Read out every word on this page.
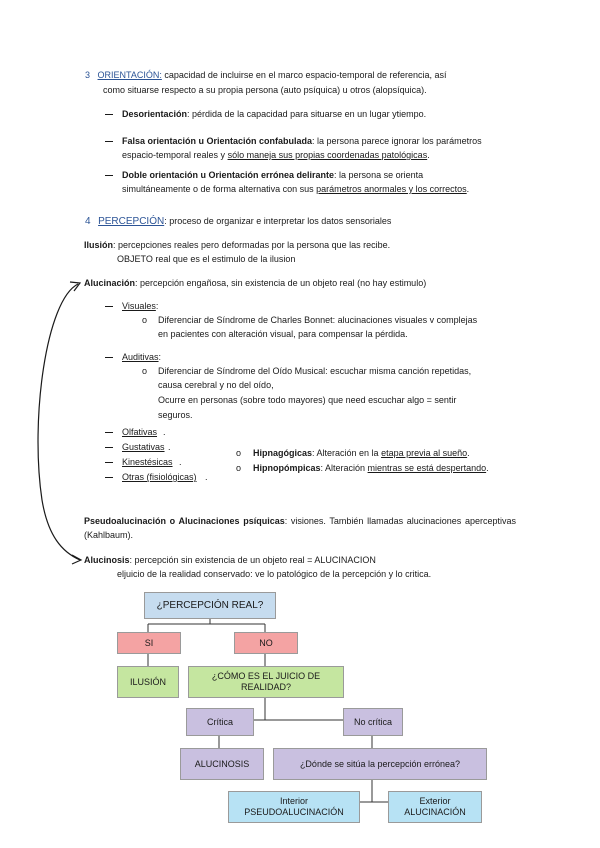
3 ORIENTACIÓN: capacidad de incluirse en el marco espacio-temporal de referencia, así
como situarse respecto a su propia persona (auto psíquica) u otros (alopsíquica).
Desorientación: pérdida de la capacidad para situarse en un lugar ytiempo.
Falsa orientación u Orientación confabulada: la persona parece ignorar los parámetros
espacio-temporal reales y sólo maneja sus propias coordenadas patológicas.
Doble orientación u Orientación errónea delirante: la persona se orienta
simultáneamente o de forma alternativa con sus parámetros anormales y los correctos.
4 PERCEPCIÓN: proceso de organizar e interpretar los datos sensoriales
Ilusión: percepciones reales pero deformadas por la persona que las recibe.
OBJETO real que es el estimulo de la ilusion
Alucinación: percepción engañosa, sin existencia de un objeto real (no hay estimulo)
Visuales:
o Diferenciar de Síndrome de Charles Bonnet: alucinaciones visuales v complejas
en pacientes con alteración visual, para compensar la pérdida.
Auditivas:
o Diferenciar de Síndrome del Oído Musical: escuchar misma canción repetidas,
causa cerebral y no del oído,
Ocurre en personas (sobre todo mayores) que need escuchar algo = sentir
seguros.
Olfativas .
Gustativas .
Kinestésicas .
Otras (fisiológicas) .
o Hipnagógicas: Alteración en la etapa previa al sueño.
o Hipnopómpicas: Alteración mientras se está despertando.
Pseudoalucinación o Alucinaciones psíquicas: visiones. También llamadas alucinaciones aperceptivas (Kahlbaum).
Alucinosis: percepción sin existencia de un objeto real = ALUCINACION
eljuicio de la realidad conservado: ve lo patológico de la percepción y lo critica.
¿PERCEPCIÓN REAL?
SI	NO
ILUSIÓN
¿CÓMO ES EL JUICIO DE
REALIDAD?
Crítica	No crítica
ALUCINOSIS	¿Dónde se sitúa la percepción errónea?
Interior
PSEUDOALUCINACIÓN
Exterior
ALUCINACIÓN
